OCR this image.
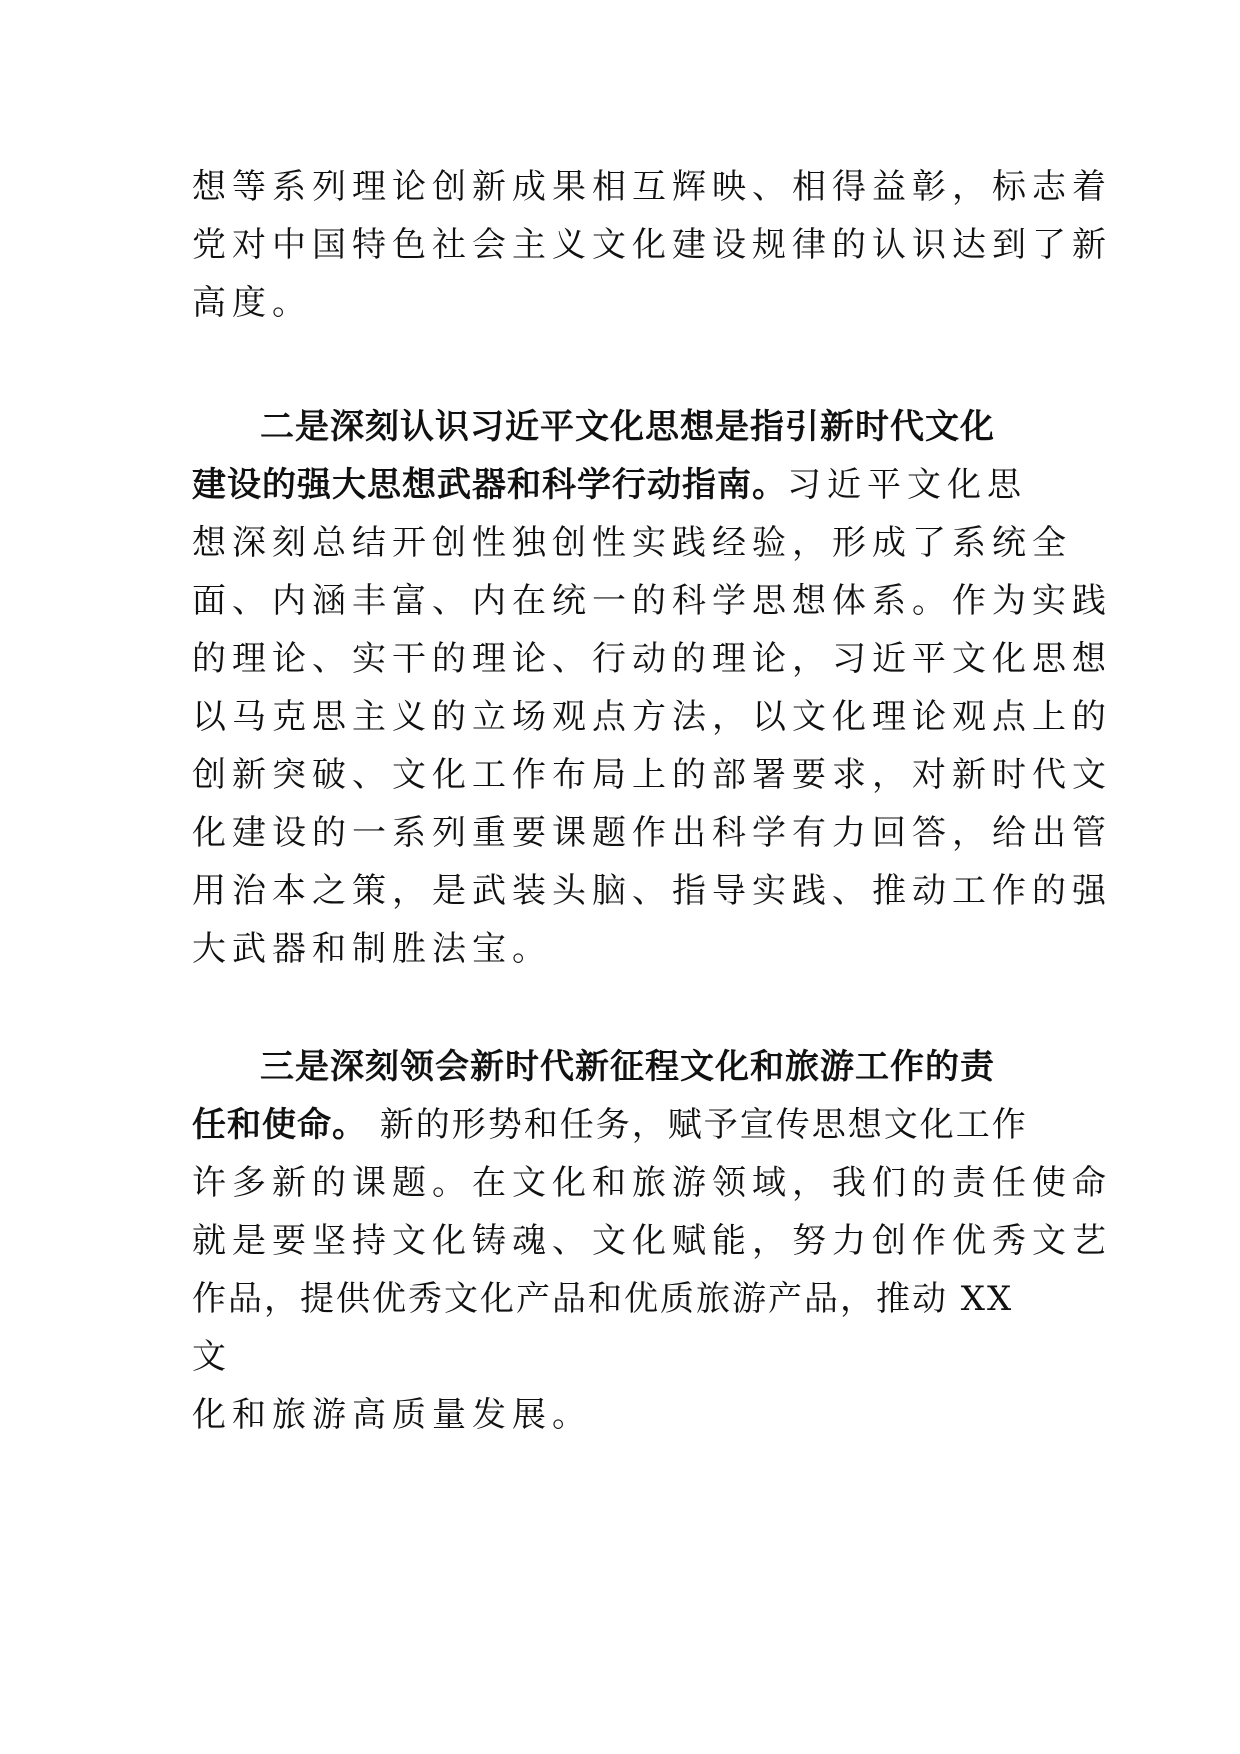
想等系列理论创新成果相互辉映、相得益彰，标志着
党对中国特色社会主义文化建设规律的认识达到了新
高度。
二是深刻认识习近平文化思想是指引新时代文化
建设的强大思想武器和科学行动指南。习近平文化思
想深刻总结开创性独创性实践经验，形成了系统全
面、内涵丰富、内在统一的科学思想体系。作为实践
的理论、实干的理论、行动的理论，习近平文化思想
以马克思主义的立场观点方法，以文化理论观点上的
创新突破、文化工作布局上的部署要求，对新时代文
化建设的一系列重要课题作出科学有力回答，给出管
用治本之策，是武装头脑、指导实践、推动工作的强
大武器和制胜法宝。
三是深刻领会新时代新征程文化和旅游工作的责
任和使命。 新的形势和任务，赋予宣传思想文化工作
许多新的课题。在文化和旅游领域，我们的责任使命
就是要坚持文化铸魂、文化赋能，努力创作优秀文艺
作品，提供优秀文化产品和优质旅游产品，推动 XX
文
化和旅游高质量发展。
